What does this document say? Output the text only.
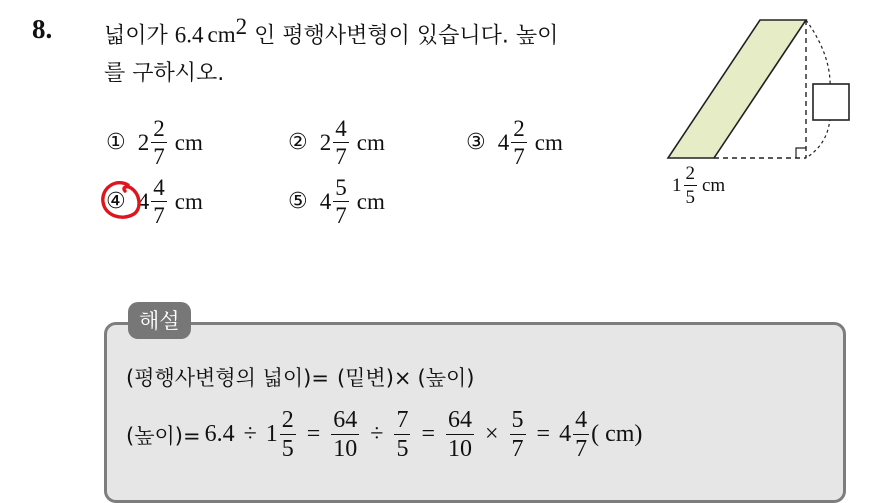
8. 넓이가 6.4 $cm^2$ 인 평행사변형이 있습니다. 높이
를 구하시오.
① $2 \frac{2}{7}$ cm	② $2 \frac{4}{7}$ cm	③ $4 \frac{2}{7}$ cm
④ $4 \frac{4}{7}$ cm	⑤ $4 \frac{5}{7}$ cm
$1 \frac{2}{5}$ cm
해설
(평행사변형의 넓이)= (밑변)× (높이)
(높이)= $6.4 \div 1 \frac{2}{5} = \frac{64}{10} \div \frac{7}{5} = \frac{64}{10} \times \frac{5}{7} = 4 \frac{4}{7}$ ( cm)
